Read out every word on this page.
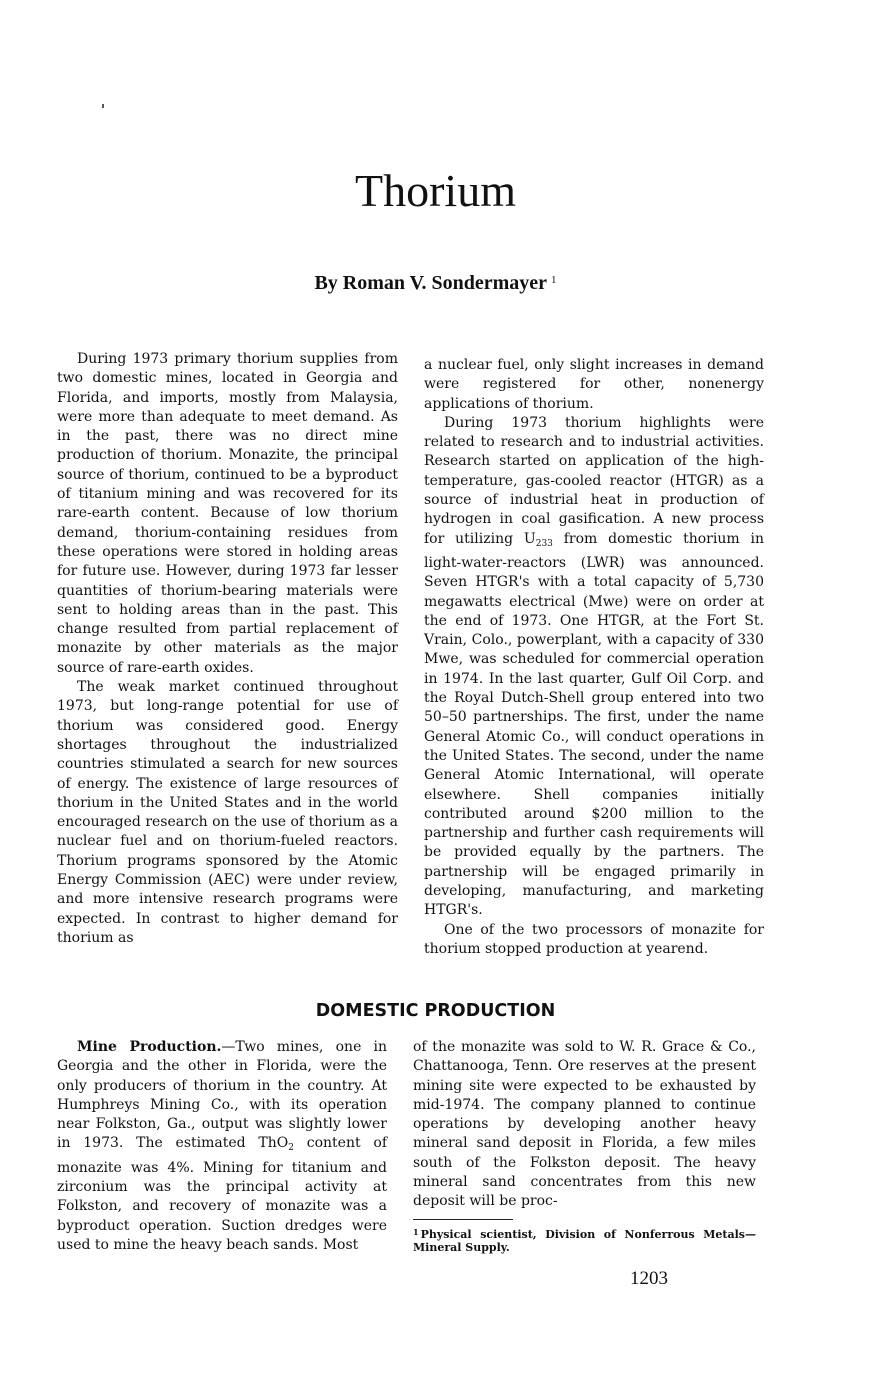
Thorium

By Roman V. Sondermayer $^1$

During 1973 primary thorium supplies from two domestic mines, located in Georgia and Florida, and imports, mostly from Malaysia, were more than adequate to meet demand. As in the past, there was no direct mine production of thorium. Monazite, the principal source of thorium, continued to be a byproduct of titanium mining and was recovered for its rare-earth content. Because of low thorium demand, thorium-containing residues from these operations were stored in holding areas for future use. However, during 1973 far lesser quantities of thorium-bearing materials were sent to holding areas than in the past. This change resulted from partial replacement of monazite by other materials as the major source of rare-earth oxides.

The weak market continued throughout 1973, but long-range potential for use of thorium was considered good. Energy shortages throughout the industrialized countries stimulated a search for new sources of energy. The existence of large resources of thorium in the United States and in the world encouraged research on the use of thorium as a nuclear fuel and on thorium-fueled reactors. Thorium programs sponsored by the Atomic Energy Commission (AEC) were under review, and more intensive research programs were expected. In contrast to higher demand for thorium as

a nuclear fuel, only slight increases in demand were registered for other, nonenergy applications of thorium.

During 1973 thorium highlights were related to research and to industrial activities. Research started on application of the high-temperature, gas-cooled reactor (HTGR) as a source of industrial heat in production of hydrogen in coal gasification. A new process for utilizing $U_{233}$ from domestic thorium in light-water-reactors (LWR) was announced. Seven HTGR's with a total capacity of 5,730 megawatts electrical (Mwe) were on order at the end of 1973. One HTGR, at the Fort St. Vrain, Colo., powerplant, with a capacity of 330 Mwe, was scheduled for commercial operation in 1974. In the last quarter, Gulf Oil Corp. and the Royal Dutch-Shell group entered into two 50–50 partnerships. The first, under the name General Atomic Co., will conduct operations in the United States. The second, under the name General Atomic International, will operate elsewhere. Shell companies initially contributed around $200 million to the partnership and further cash requirements will be provided equally by the partners. The partnership will be engaged primarily in developing, manufacturing, and marketing HTGR's.

One of the two processors of monazite for thorium stopped production at yearend.

DOMESTIC PRODUCTION

Mine Production.—Two mines, one in Georgia and the other in Florida, were the only producers of thorium in the country. At Humphreys Mining Co., with its operation near Folkston, Ga., output was slightly lower in 1973. The estimated ThO$_2$ content of monazite was 4%. Mining for titanium and zirconium was the principal activity at Folkston, and recovery of monazite was a byproduct operation. Suction dredges were used to mine the heavy beach sands. Most

of the monazite was sold to W. R. Grace & Co., Chattanooga, Tenn. Ore reserves at the present mining site were expected to be exhausted by mid-1974. The company planned to continue operations by developing another heavy mineral sand deposit in Florida, a few miles south of the Folkston deposit. The heavy mineral sand concentrates from this new deposit will be proc-

$^1$ Physical scientist, Division of Nonferrous Metals—Mineral Supply.
1203
